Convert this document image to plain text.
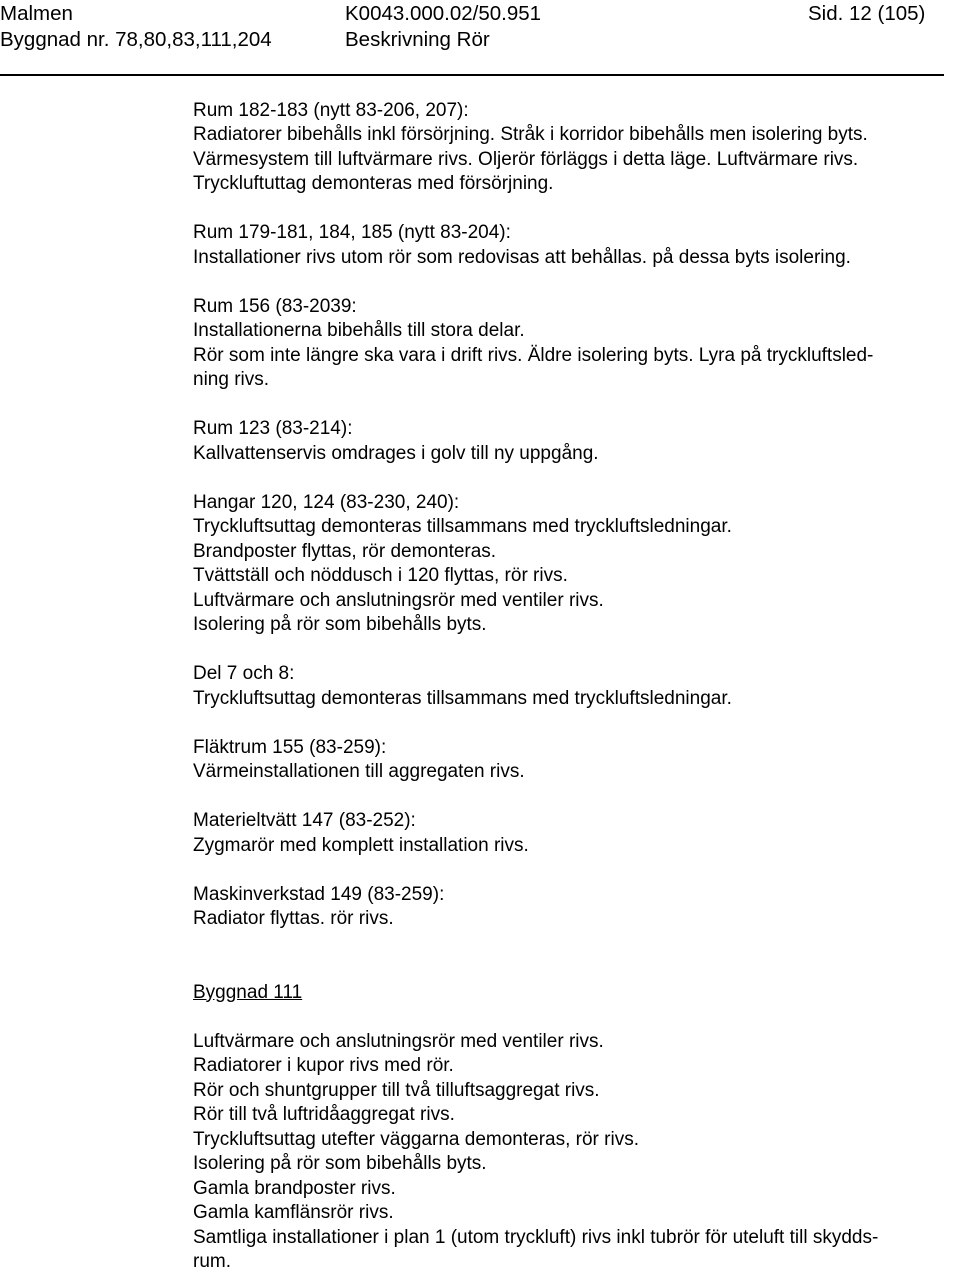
Malmen	K0043.000.02/50.951	Sid. 12 (105)
Byggnad nr. 78,80,83,111,204	Beskrivning Rör

Rum 182-183 (nytt 83-206, 207):

Radiatorer bibehålls inkl försörjning. Stråk i korridor bibehålls men isolering byts.

Värmesystem till luftvärmare rivs. Oljerör förläggs i detta läge. Luftvärmare rivs.

Tryckluftuttag demonteras med försörjning.

Rum 179-181, 184, 185 (nytt 83-204):

Installationer rivs utom rör som redovisas att behållas. på dessa byts isolering.

Rum 156 (83-2039:

Installationerna bibehålls till stora delar.

Rör som inte längre ska vara i drift rivs. Äldre isolering byts. Lyra på tryckluftsled-

ning rivs.

Rum 123 (83-214):

Kallvattenservis omdrages i golv till ny uppgång.

Hangar 120, 124 (83-230, 240):

Tryckluftsuttag demonteras tillsammans med tryckluftsledningar.

Brandposter flyttas, rör demonteras.

Tvättställ och nöddusch i 120 flyttas, rör rivs.

Luftvärmare och anslutningsrör med ventiler rivs.

Isolering på rör som bibehålls byts.

Del 7 och 8:

Tryckluftsuttag demonteras tillsammans med tryckluftsledningar.

Fläktrum 155 (83-259):

Värmeinstallationen till aggregaten rivs.

Materieltvätt 147 (83-252):

Zygmarör med komplett installation rivs.

Maskinverkstad 149 (83-259):

Radiator flyttas. rör rivs.

Byggnad 111

Luftvärmare och anslutningsrör med ventiler rivs.

Radiatorer i kupor rivs med rör.

Rör och shuntgrupper till två tilluftsaggregat rivs.

Rör till två luftridåaggregat rivs.

Tryckluftsuttag utefter väggarna demonteras, rör rivs.

Isolering på rör som bibehålls byts.

Gamla brandposter rivs.

Gamla kamflänsrör rivs.

Samtliga installationer i plan 1 (utom tryckluft) rivs inkl tubrör för uteluft till skydds-

rum.
